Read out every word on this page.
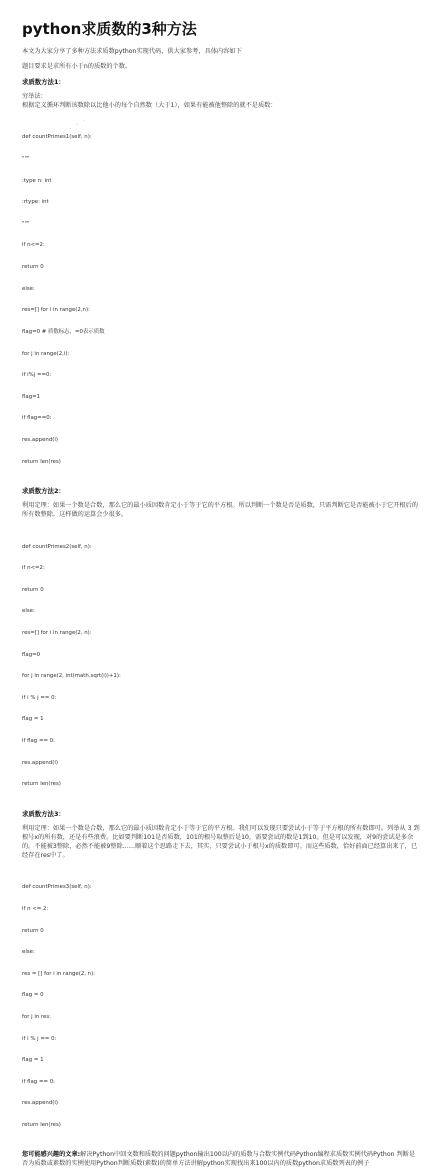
. . . .
python求质数的3种方法

本文为大家分享了多种方法求质数python实现代码，供大家参考，具体内容如下

题目要求是求所有小于n的质数的个数。

求质数方法1：

穷举法：
根据定义循环判断该数除以比他小的每个自然数（大于1），如果有能被他整除的就不是质数：

def countPrimes1(self, n):

"""

:type n: int

:rtype: int

"""

if n<=2:

return 0

else:

res=[] for i in range(2,n):

flag=0 # 质数标志，=0表示质数

for j in range(2,i):

if i%j ==0:

flag=1

if flag==0:

res.append(i)

return len(res)

求质数方法2：

利用定理：如果一个数是合数，那么它的最小质因数肯定小于等于它的平方根。所以判断一个数是否是质数，只需判断它是否能被小于它开根后的所有数整除。这样做的运算会少很多。

def countPrimes2(self, n):

if n<=2:

return 0

else:

res=[] for i in range(2, n):

flag=0

for j in range(2, int(math.sqrt(i))+1):

if i % j == 0:

flag = 1

if flag == 0:

res.append(i)

return len(res)

求质数方法3：

利用定理：如果一个数是合数，那么它的最小质因数肯定小于等于它的平方根。我们可以发现只要尝试小于等于平方根的所有数即可。列举从 3 到根号x的所有数，还是有些浪费。比如要判断101是否质数，101的根号取整后是10，需要尝试的数是1到10。但是可以发现，对9的尝试是多余的。不能被3整除，必然不能被9整除……顺着这个思路走下去，其实，只要尝试小于根号x的质数即可。而这些质数，恰好前面已经算出来了，已经存在res中了。

def countPrimes3(self, n):

if n <= 2:

return 0

else:

res = [] for i in range(2, n):

flag = 0

for j in res:

if i % j == 0:

flag = 1

if flag == 0:

res.append(i)

return len(res)

您可能感兴趣的文章:解决Python中回文数和质数的问题python输出100以内的质数与合数实例代码Python编程求质数实例代码Python 判断是否为质数或素数的实例使用Python判断质数(素数)的简单方法讲解python实现找出来100以内的质数python求质数列表的例子
